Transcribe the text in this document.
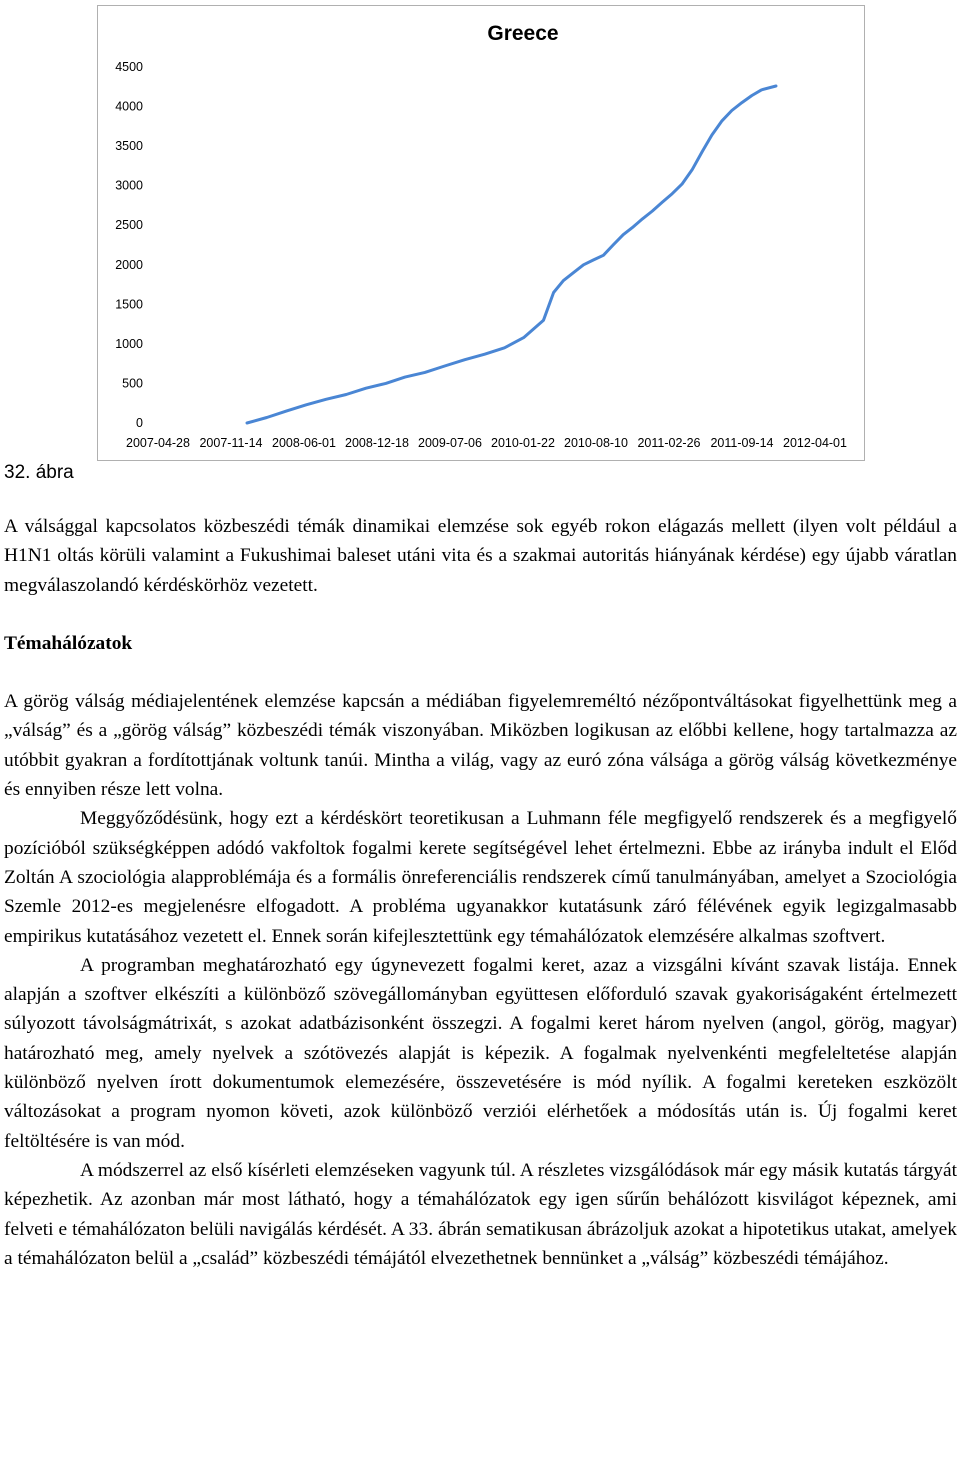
Greece
0
500
1000
1500
2000
2500
3000
3500
4000
4500
2007-04-28 2007-11-14 2008-06-01 2008-12-18 2009-07-06 2010-01-22 2010-08-10 2011-02-26 2011-09-14 2012-04-01
32. ábra

A válsággal kapcsolatos közbeszédi témák dinamikai elemzése sok egyéb rokon elágazás mellett (ilyen volt például a H1N1 oltás körüli valamint a Fukushimai baleset utáni vita és a szakmai autoritás hiányának kérdése) egy újabb váratlan megválaszolandó kérdéskörhöz vezetett.

Témahálózatok

A görög válság médiajelentének elemzése kapcsán a médiában figyelemreméltó nézőpontváltásokat figyelhettünk meg a „válság” és a „görög válság” közbeszédi témák viszonyában. Miközben logikusan az előbbi kellene, hogy tartalmazza az utóbbit gyakran a fordítottjának voltunk tanúi. Mintha a világ, vagy az euró zóna válsága a görög válság következménye és ennyiben része lett volna.

Meggyőződésünk, hogy ezt a kérdéskört teoretikusan a Luhmann féle megfigyelő rendszerek és a megfigyelő pozícióból szükségképpen adódó vakfoltok fogalmi kerete segítségével lehet értelmezni. Ebbe az irányba indult el Előd Zoltán A szociológia alapproblémája és a formális önreferenciális rendszerek című tanulmányában, amelyet a Szociológia Szemle 2012-es megjelenésre elfogadott. A probléma ugyanakkor kutatásunk záró félévének egyik legizgalmasabb empirikus kutatásához vezetett el. Ennek során kifejlesztettünk egy témahálózatok elemzésére alkalmas szoftvert.

A programban meghatározható egy úgynevezett fogalmi keret, azaz a vizsgálni kívánt szavak listája. Ennek alapján a szoftver elkészíti a különböző szövegállományban együttesen előforduló szavak gyakoriságaként értelmezett súlyozott távolságmátrixát, s azokat adatbázisonként összegzi. A fogalmi keret három nyelven (angol, görög, magyar) határozható meg, amely nyelvek a szótövezés alapját is képezik. A fogalmak nyelvenkénti megfeleltetése alapján különböző nyelven írott dokumentumok elemezésére, összevetésére is mód nyílik. A fogalmi kereteken eszközölt változásokat a program nyomon követi, azok különböző verziói elérhetőek a módosítás után is. Új fogalmi keret feltöltésére is van mód.

A módszerrel az első kísérleti elemzéseken vagyunk túl. A részletes vizsgálódások már egy másik kutatás tárgyát képezhetik. Az azonban már most látható, hogy a témahálózatok egy igen sűrűn behálózott kisvilágot képeznek, ami felveti e témahálózaton belüli navigálás kérdését. A 33. ábrán sematikusan ábrázoljuk azokat a hipotetikus utakat, amelyek a témahálózaton belül a „család” közbeszédi témájától elvezethetnek bennünket a „válság” közbeszédi témájához.
